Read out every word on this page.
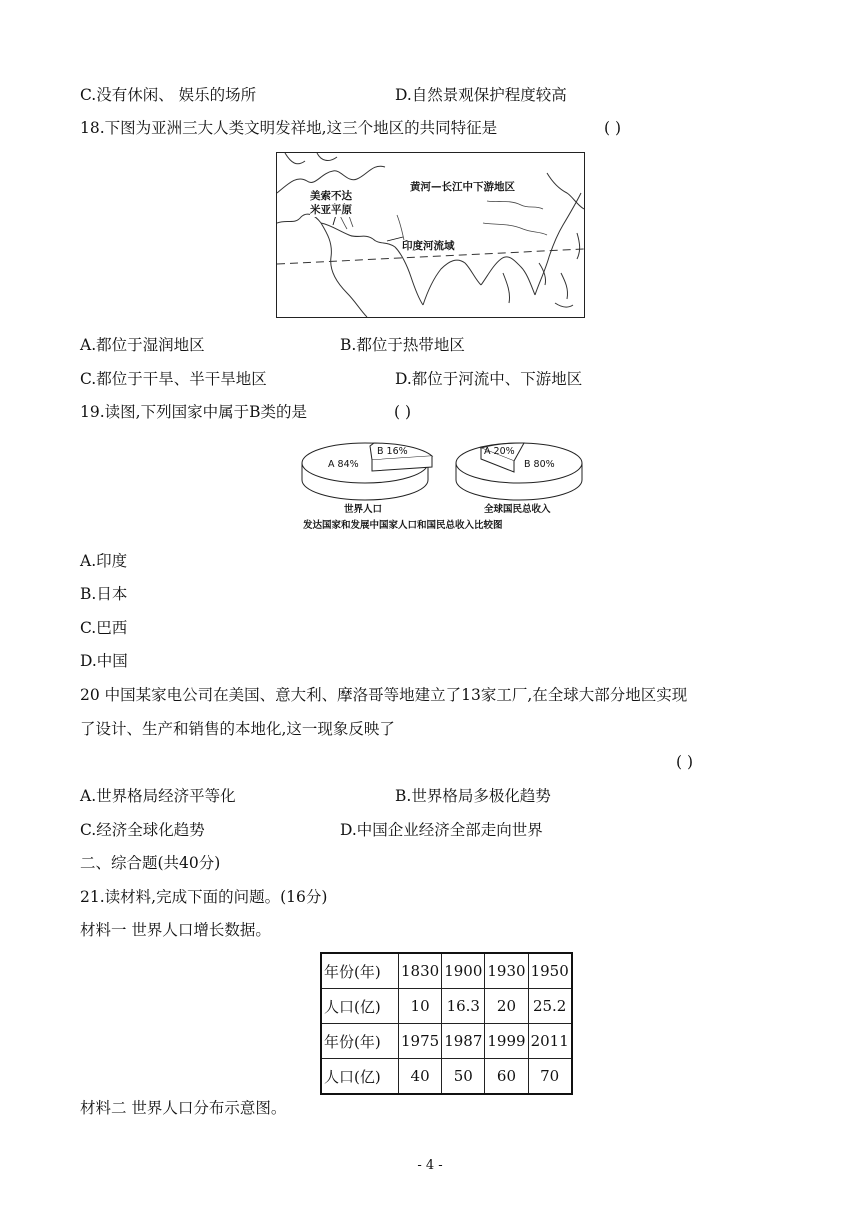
C.没有休闲、 娱乐的场所	D.自然景观保护程度较高
18.下图为亚洲三大人类文明发祥地,这三个地区的共同特征是	( )
美索不达
米亚平原
黄河—长江中下游地区
印度河流域
A.都位于湿润地区	B.都位于热带地区
C.都位于干旱、半干旱地区	D.都位于河流中、下游地区
19.读图,下列国家中属于B类的是	( )
A 84%
B 16%	A 20%
B 80%
世界人口	全球国民总收入
发达国家和发展中国家人口和国民总收入比较图
A.印度
B.日本
C.巴西
D.中国
20 中国某家电公司在美国、意大利、摩洛哥等地建立了13家工厂,在全球大部分地区实现
了设计、生产和销售的本地化,这一现象反映了
( )
A.世界格局经济平等化	B.世界格局多极化趋势
C.经济全球化趋势	D.中国企业经济全部走向世界
二、综合题(共40分)
21.读材料,完成下面的问题。(16分)
材料一 世界人口增长数据。
年份(年)	1830	1900	1930	1950
人口(亿)	10	16.3	20	25.2
年份(年)	1975	1987	1999	2011
人口(亿)	40	50	60	70
材料二 世界人口分布示意图。
- 4 -
